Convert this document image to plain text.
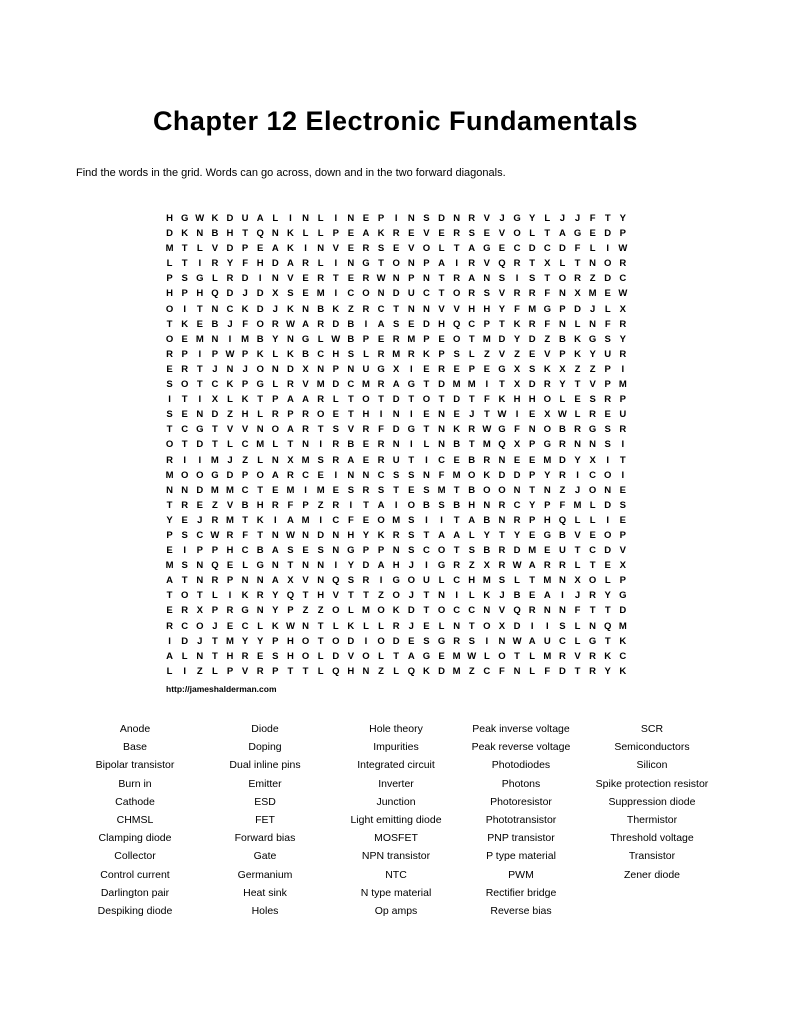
Chapter 12 Electronic Fundamentals
Find the words in the grid. Words can go across, down and in the two forward diagonals.
H G W K D U A L	I	N L	I	N E P	I	N S D N R V J G Y L	J	J	F T Y
D K N B H T Q N K L L P E A K R E V E R S E V O L T A G E D P
M T L V D P E A K	I	N V E R S E V O L T A G E C D C D F L	I W
L T	I	R Y F H D A R L	I	N G T O N P A	I	R V Q R T X L T N O R
P S G L R D	I	N V E R T E R W N P N T R A N S	I	S T O R Z D C
H P H Q D J D X S E M	I	C O N D U C T O R S V R R F N X M E W
O	I	T N C K D J K N B K Z R C T N N V V H H Y F M G P D J	L X
T K E B J	F O R W A R D B	I	A S E D H Q C P T K R F N L N F R
O E M N	I	M B Y N G L W B P E R M P E O T M D Y D Z B K G S Y
R P	I	P W P K L K B C H S L R M R K P S L Z V Z E V P K Y U R
E R T	J N J O N D X N P N U G X	I	E R E P E G X S K X Z Z P	I
S O T C K P G L R V M D C M R A G T D M M	I	T X D R Y T V P M
I	T	I	X L K T P A A R L T O T D T O T D T F K H H O L E S R P
S E N D Z H L R P R O E T H	I	N	I	E N E J	T W I	E X W L R E U
T C G T V V N O A R T S V R F D G T N K R W G F N O B R G S R
O T D T L C M L T N	I	R B E R N	I	L N B T M Q X P G R N N S	I
R	I	I	M J	Z L N X M S R A E R U T	I	C E B R N E E M D Y X	I	T
M O O G D P O A R C E	I	N N C S S N F M O K D D P Y R	I	C O	I
N N D M M C T E M	I	M E S R S T E S M T B O O N T N Z	J O N E
T R E Z V B H R F P Z R	I	T A	I	O B S B H N R C Y P F M L D S
Y E J R M T K	I	A M	I	C F E O M S	I	I	T A B N R P H Q L L	I	E
P S C W R F T N W N D N H Y K R S T A A L Y T Y E G B V E O P
E	I	P P H C B A S E S N G P P N S C O T S B R D M E U T C D V
M S N Q E L G N T N N	I	Y D A H J	I	G R Z X R W A R R L T E X
A T N R P N N A X V N Q S R	I	G O U L C H M S L T M N X O L P
T O T L	I	K R Y Q T H V T T Z O J	T N	I	L K J B E A	I	J R Y G
E R X P R G N Y P Z Z O L M O K D T O C C N V Q R N N F T T D
R C O J E C L K W N T L K L L R J E L N T O X D	I	I	S L N Q M
I	D J	T M Y Y P H O T O D	I	O D E S G R S	I	N W A U C L G T K
A L N T H R E S H O L D V O L T A G E M W L O T L M R V R K C
L	I	Z L P V R P T T L Q H N Z L Q K D M Z C F N L F D T R Y K
http://jameshalderman.com
Anode
Base
Bipolar transistor
Burn in
Cathode
CHMSL
Clamping diode
Collector
Control current
Darlington pair
Despiking diode
Diode
Doping
Dual inline pins
Emitter
ESD
FET
Forward bias
Gate
Germanium
Heat sink
Holes
Hole theory
Impurities
Integrated circuit
Inverter
Junction
Light emitting diode
MOSFET
NPN transistor
NTC
N type material
Op amps
Peak inverse voltage
Peak reverse voltage
Photodiodes
Photons
Photoresistor
Phototransistor
PNP transistor
P type material
PWM
Rectifier bridge
Reverse bias
SCR
Semiconductors
Silicon
Spike protection resistor
Suppression diode
Thermistor
Threshold voltage
Transistor
Zener diode
